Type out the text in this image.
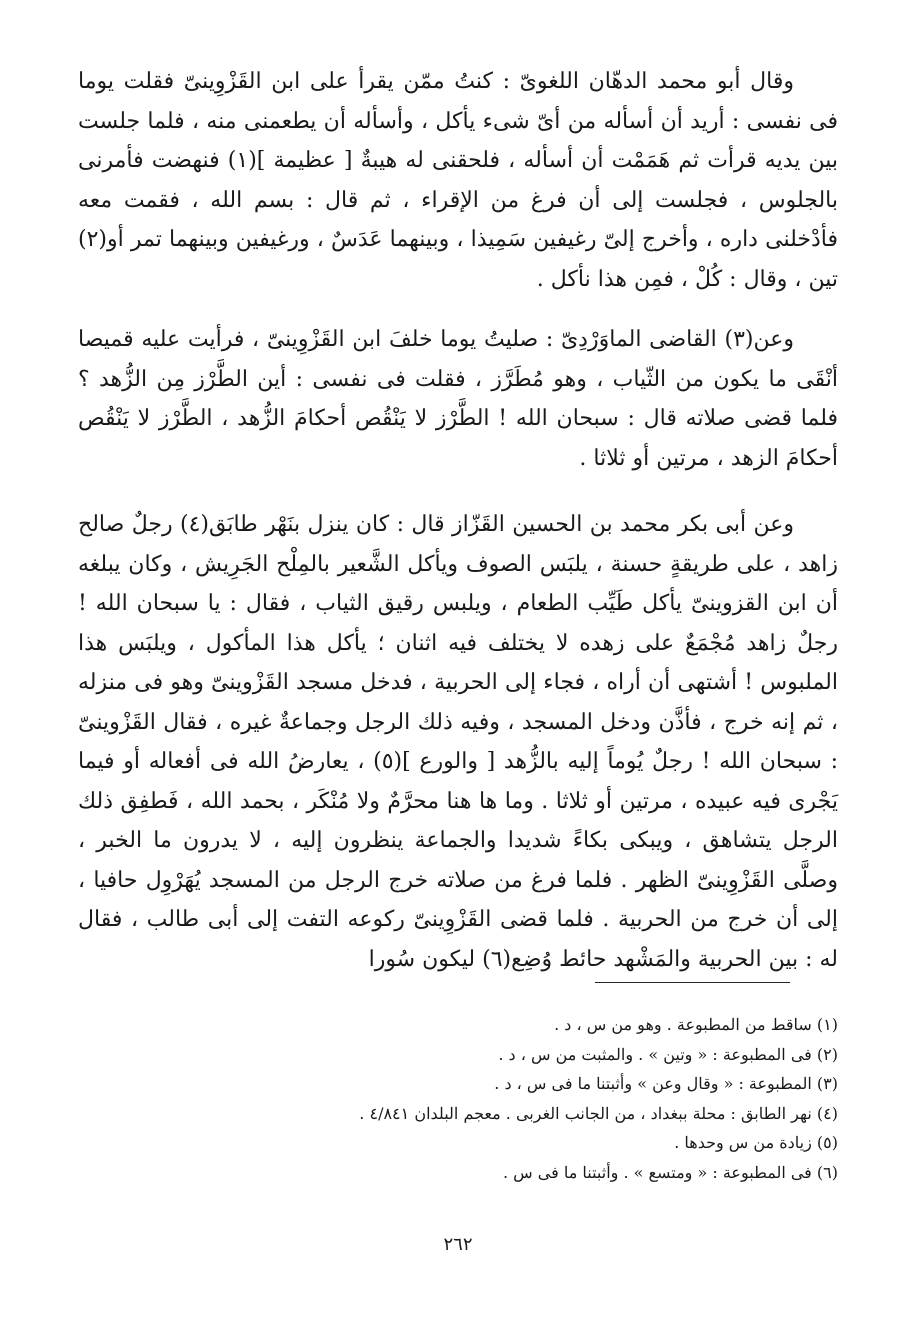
وقال أبو محمد الدهّان اللغوىّ : كنتُ ممّن يقرأ على ابن القَزْوِينىّ فقلت يوما فى نفسى : أريد أن أسأله من أىّ شىء يأكل ، وأسأله أن يطعمنى منه ، فلما جلست بين يديه قرأت ثم هَمَمْت أن أسأله ، فلحقنى له هيبةٌ [ عظيمة ](١) فنهضت فأمرنى بالجلوس ، فجلست إلى أن فرغ من الإقراء ، ثم قال : بسم الله ، فقمت معه فأدْخلنى داره ، وأخرج إلىّ رغيفين سَمِيذا ، وبينهما عَدَسٌ ، ورغيفين وبينهما تمر أو(٢) تين ، وقال : كُلْ ، فمِن هذا نأكل .

وعن(٣) القاضى الماوَرْدِىّ : صليتُ يوما خلفَ ابن القَزْوِينىّ ، فرأيت عليه قميصا أنْقَى ما يكون من الثّياب ، وهو مُطَرَّز ، فقلت فى نفسى : أين الطَّرْز مِن الزُّهد ؟ فلما قضى صلاته قال : سبحان الله ! الطَّرْز لا يَنْقُص أحكامَ الزُّهد ، الطَّرْز لا يَنْقُص أحكامَ الزهد ، مرتين أو ثلاثا .

وعن أبى بكر محمد بن الحسين القَزّاز قال : كان ينزل بنَهْر طابَق(٤) رجلٌ صالح زاهد ، على طريقةٍ حسنة ، يلبَس الصوف ويأكل الشَّعير بالمِلْح الجَرِيش ، وكان يبلغه أن ابن القزوينىّ يأكل طَيِّب الطعام ، ويلبس رقيق الثياب ، فقال : يا سبحان الله ! رجلٌ زاهد مُجْمَعٌ على زهده لا يختلف فيه اثنان ؛ يأكل هذا المأكول ، ويلبَس هذا الملبوس ! أشتهى أن أراه ، فجاء إلى الحربية ، فدخل مسجد القَزْوينىّ وهو فى منزله ، ثم إنه خرج ، فأذَّن ودخل المسجد ، وفيه ذلك الرجل وجماعةٌ غيره ، فقال القَزْوينىّ : سبحان الله ! رجلٌ يُوماً إليه بالزُّهد [ والورع ](٥) ، يعارضُ الله فى أفعاله أو فيما يَجْرى فيه عبيده ، مرتين أو ثلاثا . وما ها هنا محرَّمٌ ولا مُنْكَر ، بحمد الله ، فَطفِق ذلك الرجل يتشاهق ، ويبكى بكاءً شديدا والجماعة ينظرون إليه ، لا يدرون ما الخبر ، وصلَّى القَزْوِينىّ الظهر . فلما فرغ من صلاته خرج الرجل من المسجد يُهَرْوِل حافيا ، إلى أن خرج من الحربية . فلما قضى القَزْوِينىّ ركوعه التفت إلى أبى طالب ، فقال له : بين الحربية والمَشْهد حائط وُضِع(٦) ليكون سُورا

(١) ساقط من المطبوعة . وهو من س ، د .
(٢) فى المطبوعة : « وتين » . والمثبت من س ، د .
(٣) المطبوعة : « وقال وعن » وأثبتنا ما فى س ، د .
(٤) نهر الطابق : محلة ببغداد ، من الجانب الغربى . معجم البلدان ٤/٨٤١ .
(٥) زيادة من س وحدها .
(٦) فى المطبوعة : « ومتسع » . وأثبتنا ما فى س .
٢٦٢
